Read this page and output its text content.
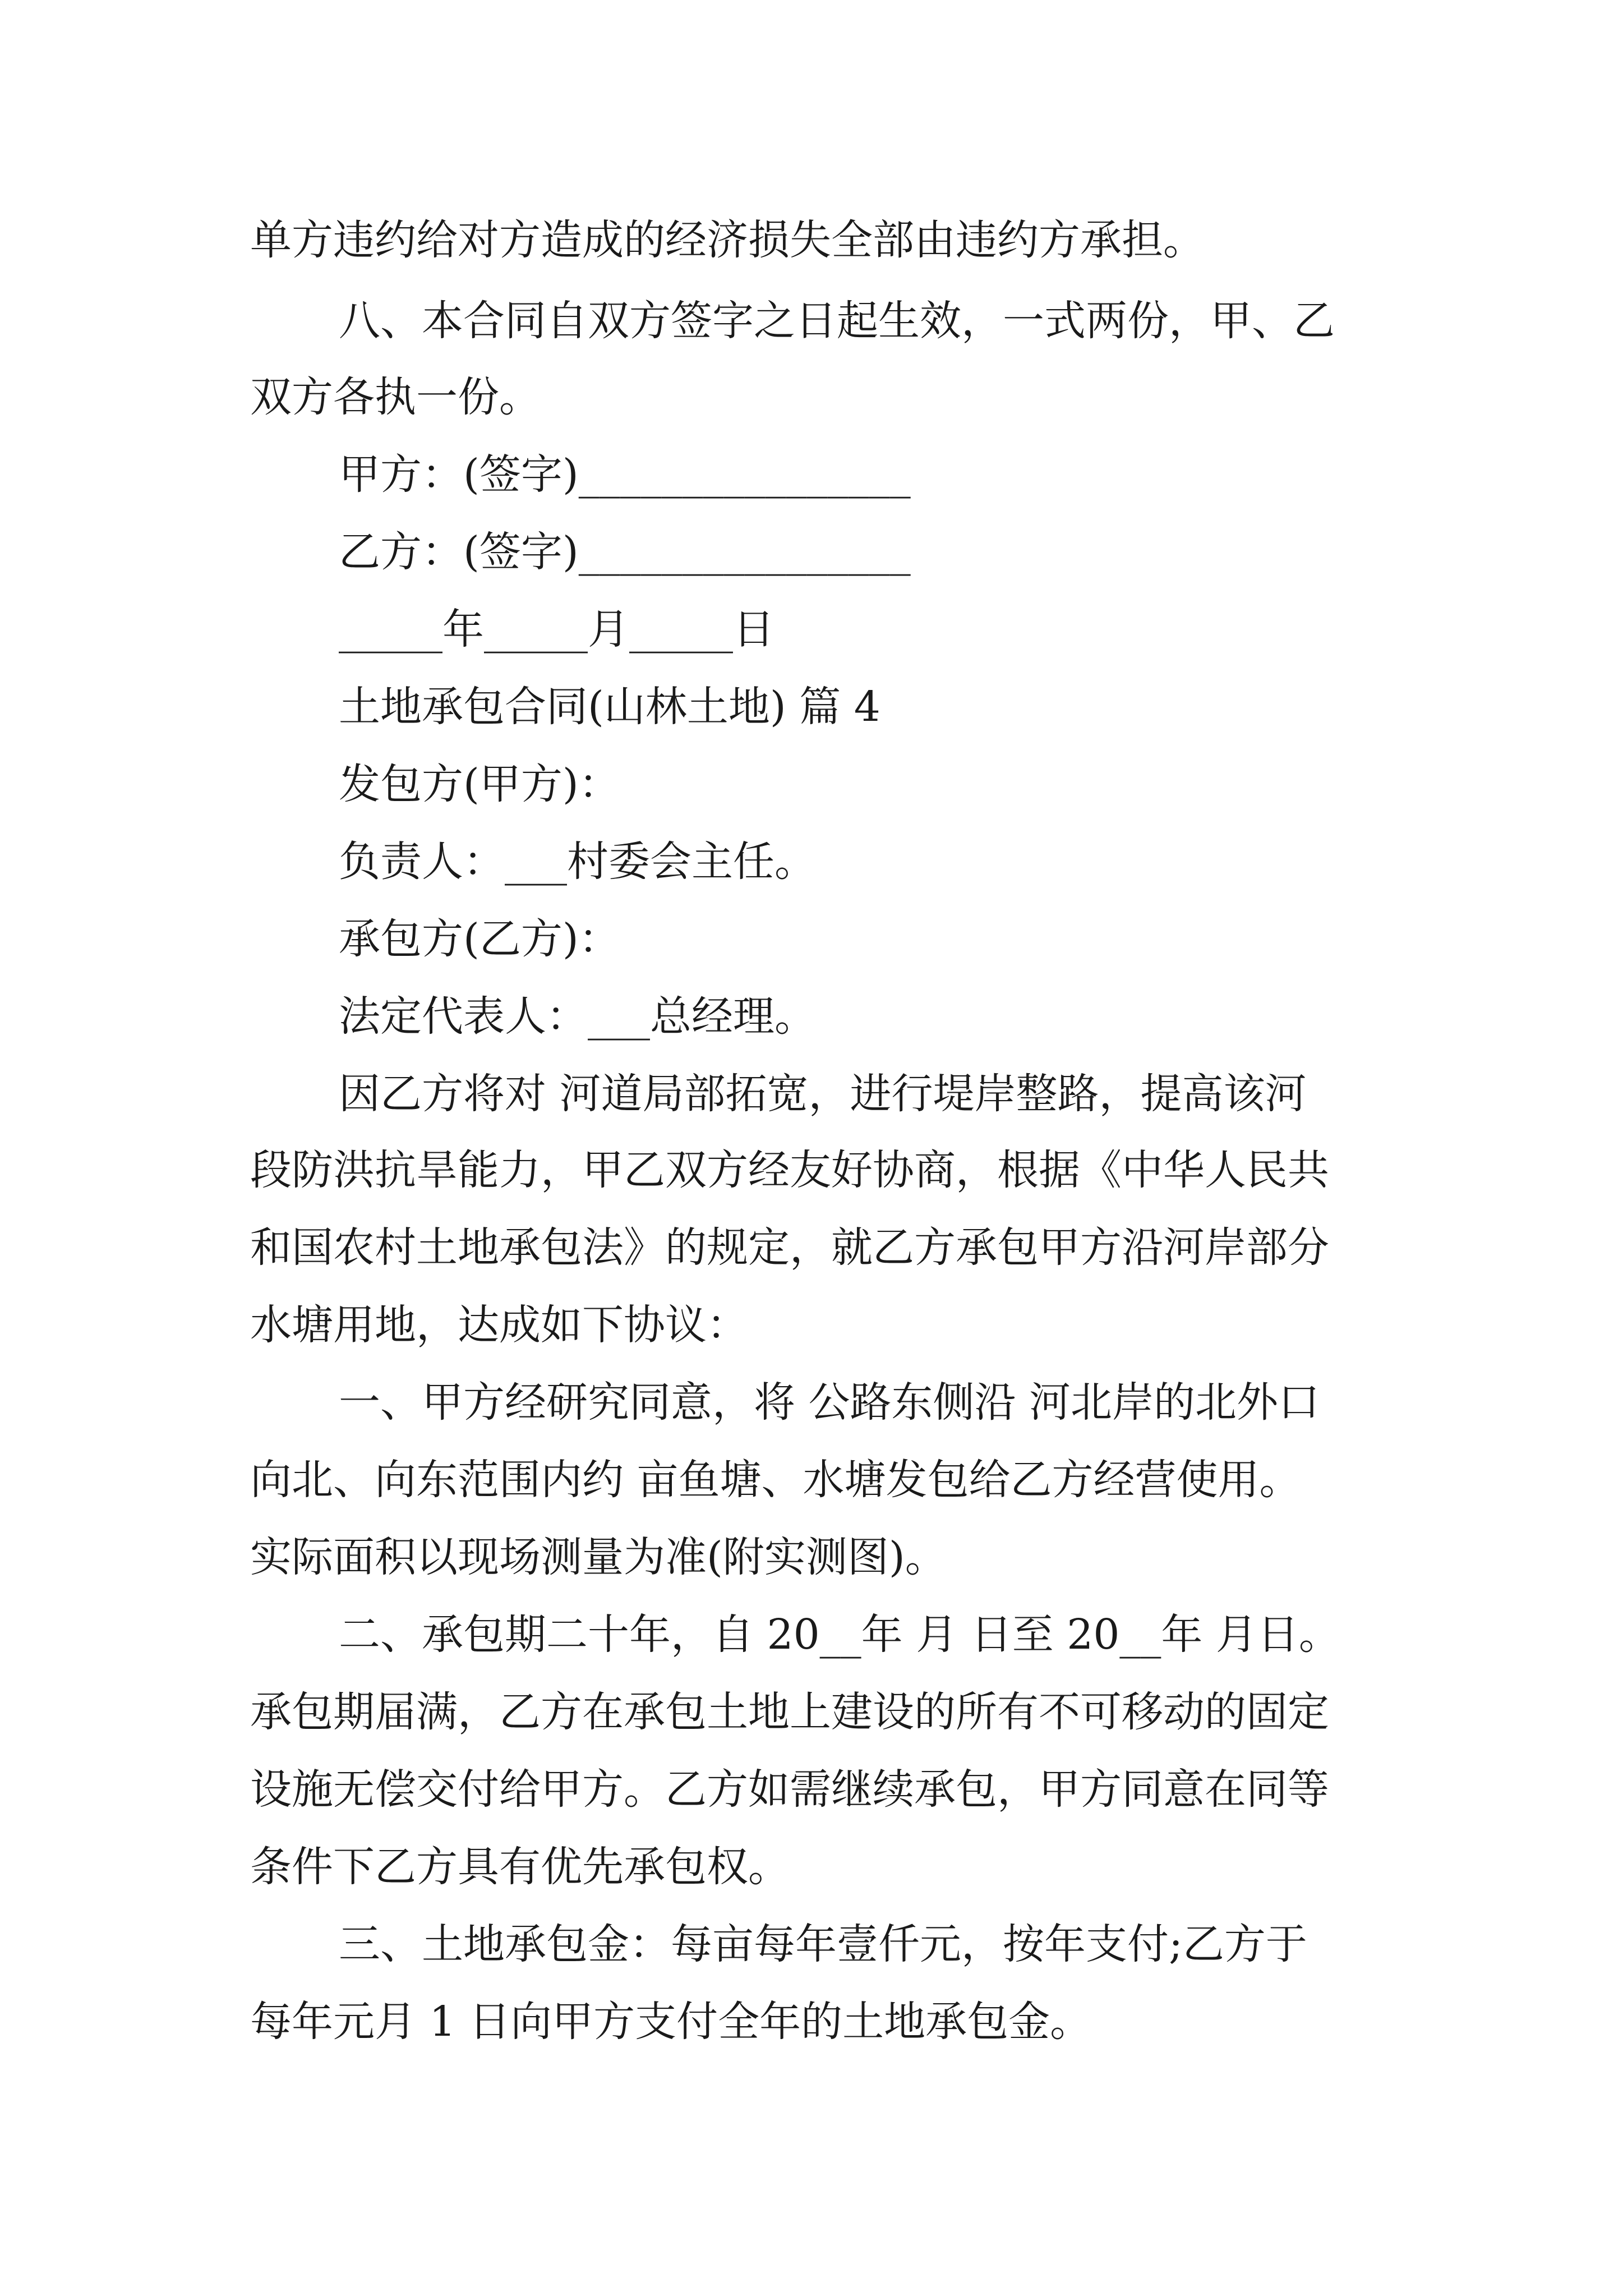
单方违约给对方造成的经济损失全部由违约方承担。

八、本合同自双方签字之日起生效，一式两份，甲、乙

双方各执一份。

甲方：(签字)________________

乙方：(签字)________________

_____年_____月_____日

土地承包合同(山林土地) 篇 4

发包方(甲方)：

负责人：___村委会主任。

承包方(乙方)：

法定代表人：___总经理。

因乙方将对 河道局部拓宽，进行堤岸整路，提高该河

段防洪抗旱能力，甲乙双方经友好协商，根据《中华人民共

和国农村土地承包法》的规定，就乙方承包甲方沿河岸部分

水塘用地，达成如下协议：

一、甲方经研究同意，将 公路东侧沿 河北岸的北外口

向北、向东范围内约 亩鱼塘、水塘发包给乙方经营使用。

实际面积以现场测量为准(附实测图)。

二、承包期二十年，自 20__年 月 日至 20__年 月日。

承包期届满，乙方在承包土地上建设的所有不可移动的固定

设施无偿交付给甲方。乙方如需继续承包，甲方同意在同等

条件下乙方具有优先承包权。

三、土地承包金：每亩每年壹仟元，按年支付;乙方于

每年元月 1 日向甲方支付全年的土地承包金。
